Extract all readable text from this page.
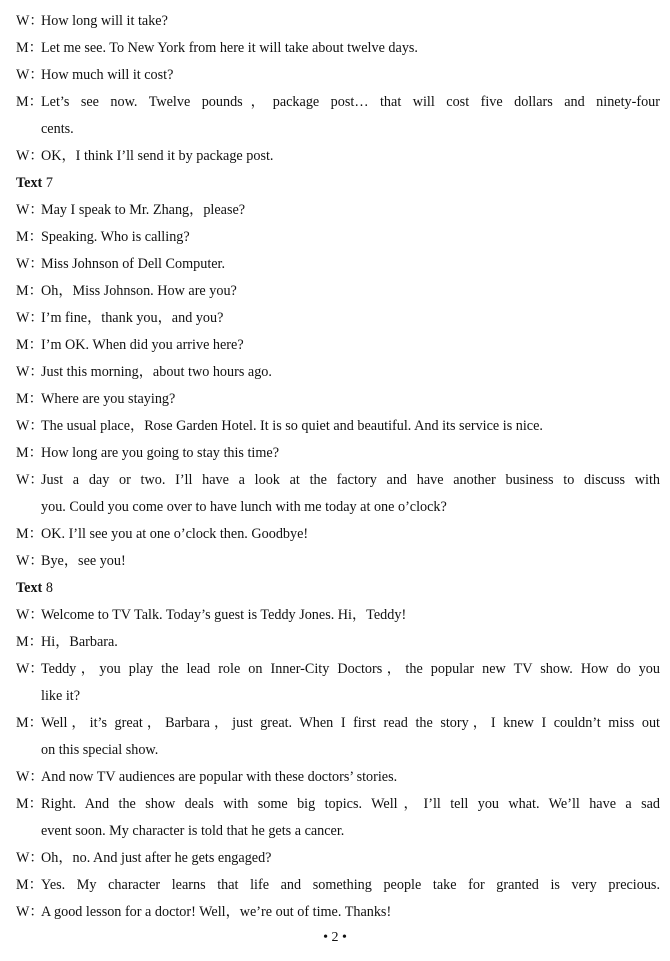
W：How long will it take?
M：Let me see. To New York from here it will take about twelve days.
W：How much will it cost?
M：Let’s see now. Twelve pounds，package post… that will cost five dollars and ninety-four
cents.
W：OK，I think I’ll send it by package post.
Text 7
W：May I speak to Mr. Zhang，please?
M：Speaking. Who is calling?
W：Miss Johnson of Dell Computer.
M：Oh，Miss Johnson. How are you?
W：I’m fine，thank you，and you?
M：I’m OK. When did you arrive here?
W：Just this morning，about two hours ago.
M：Where are you staying?
W：The usual place，Rose Garden Hotel. It is so quiet and beautiful. And its service is nice.
M：How long are you going to stay this time?
W：Just a day or two. I’ll have a look at the factory and have another business to discuss with
you. Could you come over to have lunch with me today at one o’clock?
M：OK. I’ll see you at one o’clock then. Goodbye!
W：Bye，see you!
Text 8
W：Welcome to TV Talk. Today’s guest is Teddy Jones. Hi，Teddy!
M：Hi，Barbara.
W：Teddy，you play the lead role on Inner-City Doctors，the popular new TV show. How do you
like it?
M：Well，it’s great，Barbara，just great. When I first read the story，I knew I couldn’t miss out
on this special show.
W：And now TV audiences are popular with these doctors’ stories.
M：Right. And the show deals with some big topics. Well，I’ll tell you what. We’ll have a sad
event soon. My character is told that he gets a cancer.
W：Oh，no. And just after he gets engaged?
M：Yes. My character learns that life and something people take for granted is very precious.
W：A good lesson for a doctor! Well，we’re out of time. Thanks!
• 2 •
